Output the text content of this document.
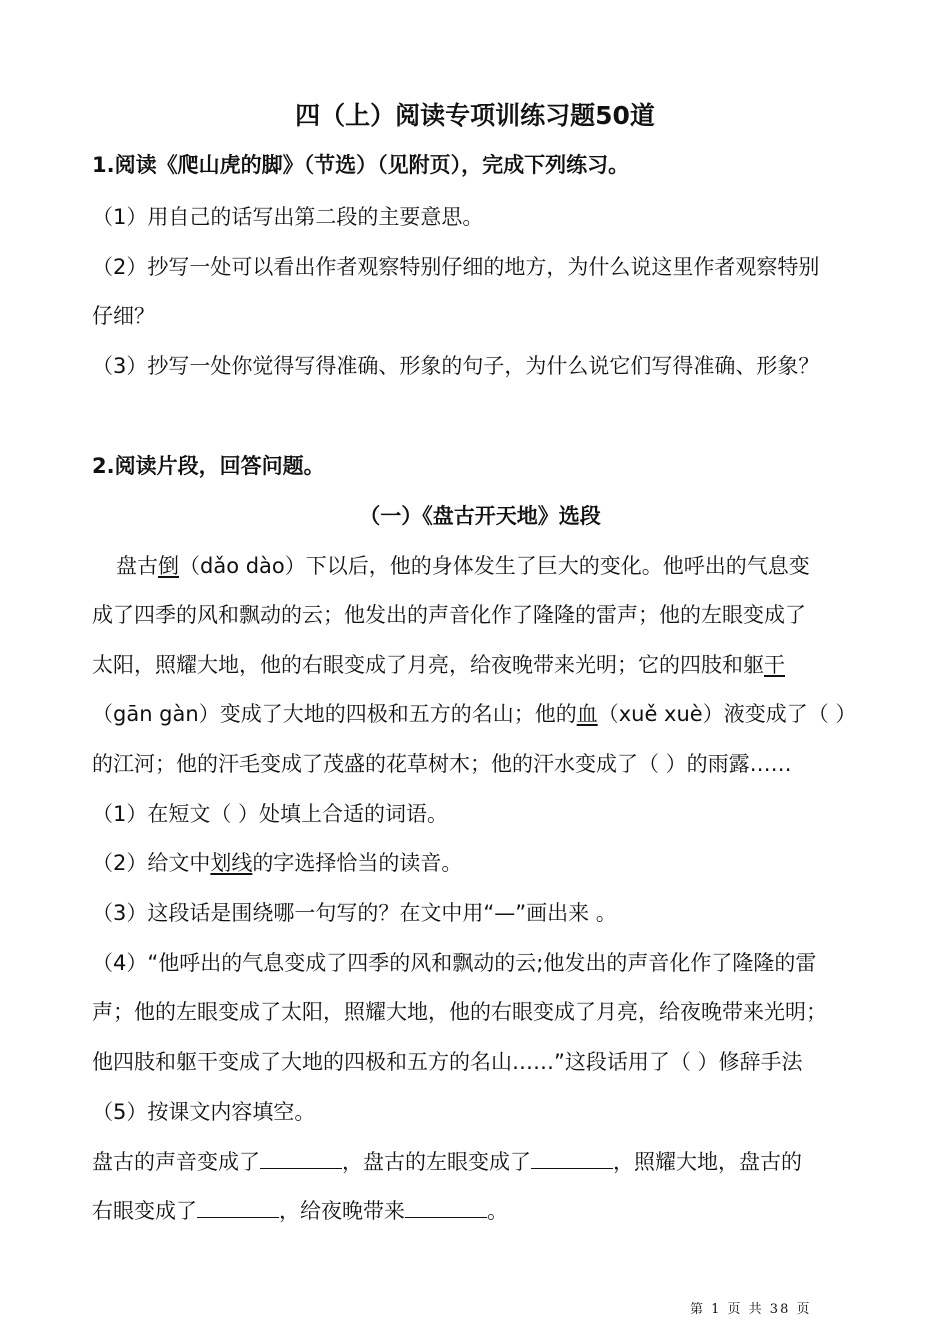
四（上）阅读专项训练习题50道
1.阅读《爬山虎的脚》（节选）（见附页），完成下列练习。
（1）用自己的话写出第二段的主要意思。
（2）抄写一处可以看出作者观察特别仔细的地方，为什么说这里作者观察特别
仔细？
（3）抄写一处你觉得写得准确、形象的句子，为什么说它们写得准确、形象？
2.阅读片段，回答问题。
（一）《盘古开天地》选段
盘古倒（dǎo dào）下以后，他的身体发生了巨大的变化。他呼出的气息变
成了四季的风和飘动的云；他发出的声音化作了隆隆的雷声；他的左眼变成了
太阳，照耀大地，他的右眼变成了月亮，给夜晚带来光明；它的四肢和躯干
（gān gàn）变成了大地的四极和五方的名山；他的血（xuě xuè）液变成了（ ）
的江河；他的汗毛变成了茂盛的花草树木；他的汗水变成了（ ）的雨露……
（1）在短文（ ）处填上合适的词语。
（2）给文中划线的字选择恰当的读音。
（3）这段话是围绕哪一句写的？在文中用“—”画出来 。
（4）“他呼出的气息变成了四季的风和飘动的云;他发出的声音化作了隆隆的雷
声；他的左眼变成了太阳，照耀大地，他的右眼变成了月亮，给夜晚带来光明；
他四肢和躯干变成了大地的四极和五方的名山……”这段话用了（ ）修辞手法
（5）按课文内容填空。
盘古的声音变成了	，盘古的左眼变成了	，照耀大地，盘古的
右眼变成了	，给夜晚带来	。
第 1 页 共 38 页
